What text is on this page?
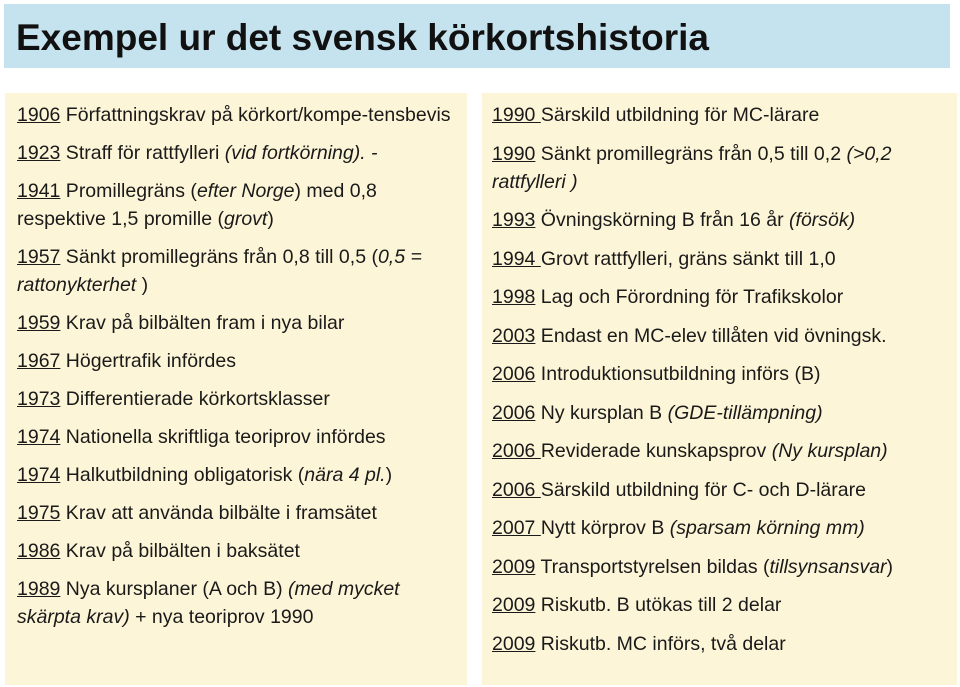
Exempel ur det svensk körkortshistoria
1906 Författningskrav på körkort/kompe-tensbevis
1923 Straff för rattfylleri (vid fortkörning). -
1941 Promillegräns (efter Norge) med 0,8 respektive 1,5 promille (grovt)
1957 Sänkt promillegräns från 0,8 till 0,5 (0,5 = rattonykterhet )
1959 Krav på bilbälten fram i nya bilar
1967 Högertrafik infördes
1973 Differentierade körkortsklasser
1974 Nationella skriftliga teoriprov infördes
1974 Halkutbildning obligatorisk (nära 4 pl.)
1975 Krav att använda bilbälte i framsätet
1986 Krav på bilbälten i baksätet
1989 Nya kursplaner (A och B) (med mycket skärpta krav) + nya teoriprov 1990
1990 Särskild utbildning för MC-lärare
1990 Sänkt promillegräns från 0,5 till 0,2 (>0,2 rattfylleri )
1993 Övningskörning B från 16 år (försök)
1994 Grovt rattfylleri, gräns sänkt till 1,0
1998 Lag och Förordning för Trafikskolor
2003 Endast en MC-elev tillåten vid övningsk.
2006 Introduktionsutbildning införs (B)
2006 Ny kursplan B (GDE-tillämpning)
2006 Reviderade kunskapsprov (Ny kursplan)
2006 Särskild utbildning för C- och D-lärare
2007 Nytt körprov B (sparsam körning mm)
2009 Transportstyrelsen bildas (tillsynsansvar)
2009 Riskutb. B utökas till 2 delar
2009 Riskutb. MC införs, två delar
